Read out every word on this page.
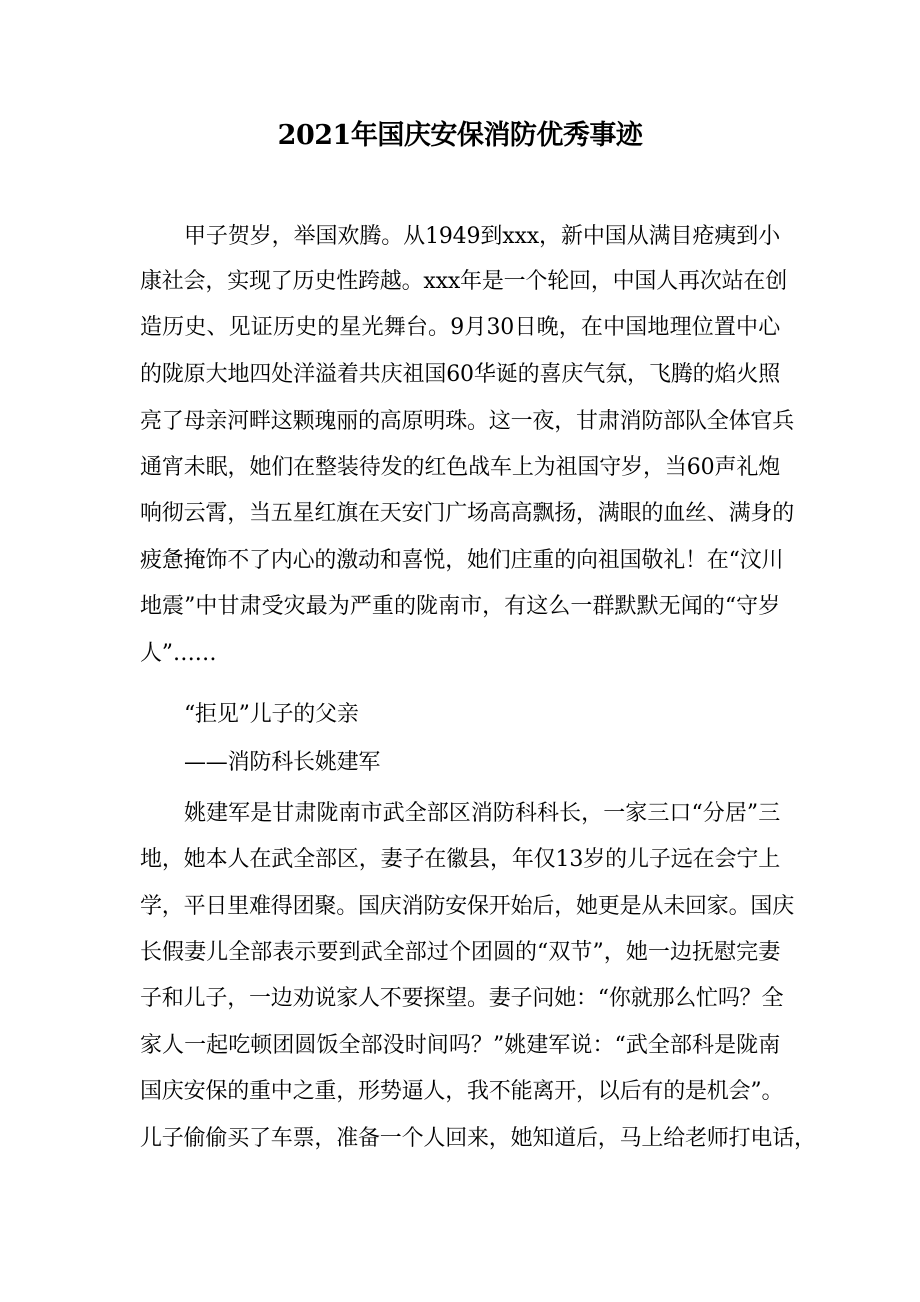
2021年国庆安保消防优秀事迹
甲子贺岁，举国欢腾。从1949到xxx，新中国从满目疮痍到小
康社会，实现了历史性跨越。xxx年是一个轮回，中国人再次站在创
造历史、见证历史的星光舞台。9月30日晚，在中国地理位置中心
的陇原大地四处洋溢着共庆祖国60华诞的喜庆气氛，飞腾的焰火照
亮了母亲河畔这颗瑰丽的高原明珠。这一夜，甘肃消防部队全体官兵
通宵未眠，她们在整装待发的红色战车上为祖国守岁，当60声礼炮
响彻云霄，当五星红旗在天安门广场高高飘扬，满眼的血丝、满身的
疲惫掩饰不了内心的激动和喜悦，她们庄重的向祖国敬礼！在“汶川
地震”中甘肃受灾最为严重的陇南市，有这么一群默默无闻的“守岁
人”……
“拒见”儿子的父亲
——消防科长姚建军
姚建军是甘肃陇南市武全部区消防科科长，一家三口“分居”三
地，她本人在武全部区，妻子在徽县，年仅13岁的儿子远在会宁上
学，平日里难得团聚。国庆消防安保开始后，她更是从未回家。国庆
长假妻儿全部表示要到武全部过个团圆的“双节”，她一边抚慰完妻
子和儿子，一边劝说家人不要探望。妻子问她：“你就那么忙吗？全
家人一起吃顿团圆饭全部没时间吗？”姚建军说：“武全部科是陇南
国庆安保的重中之重，形势逼人，我不能离开，以后有的是机会”。
儿子偷偷买了车票，准备一个人回来，她知道后，马上给老师打电话，
